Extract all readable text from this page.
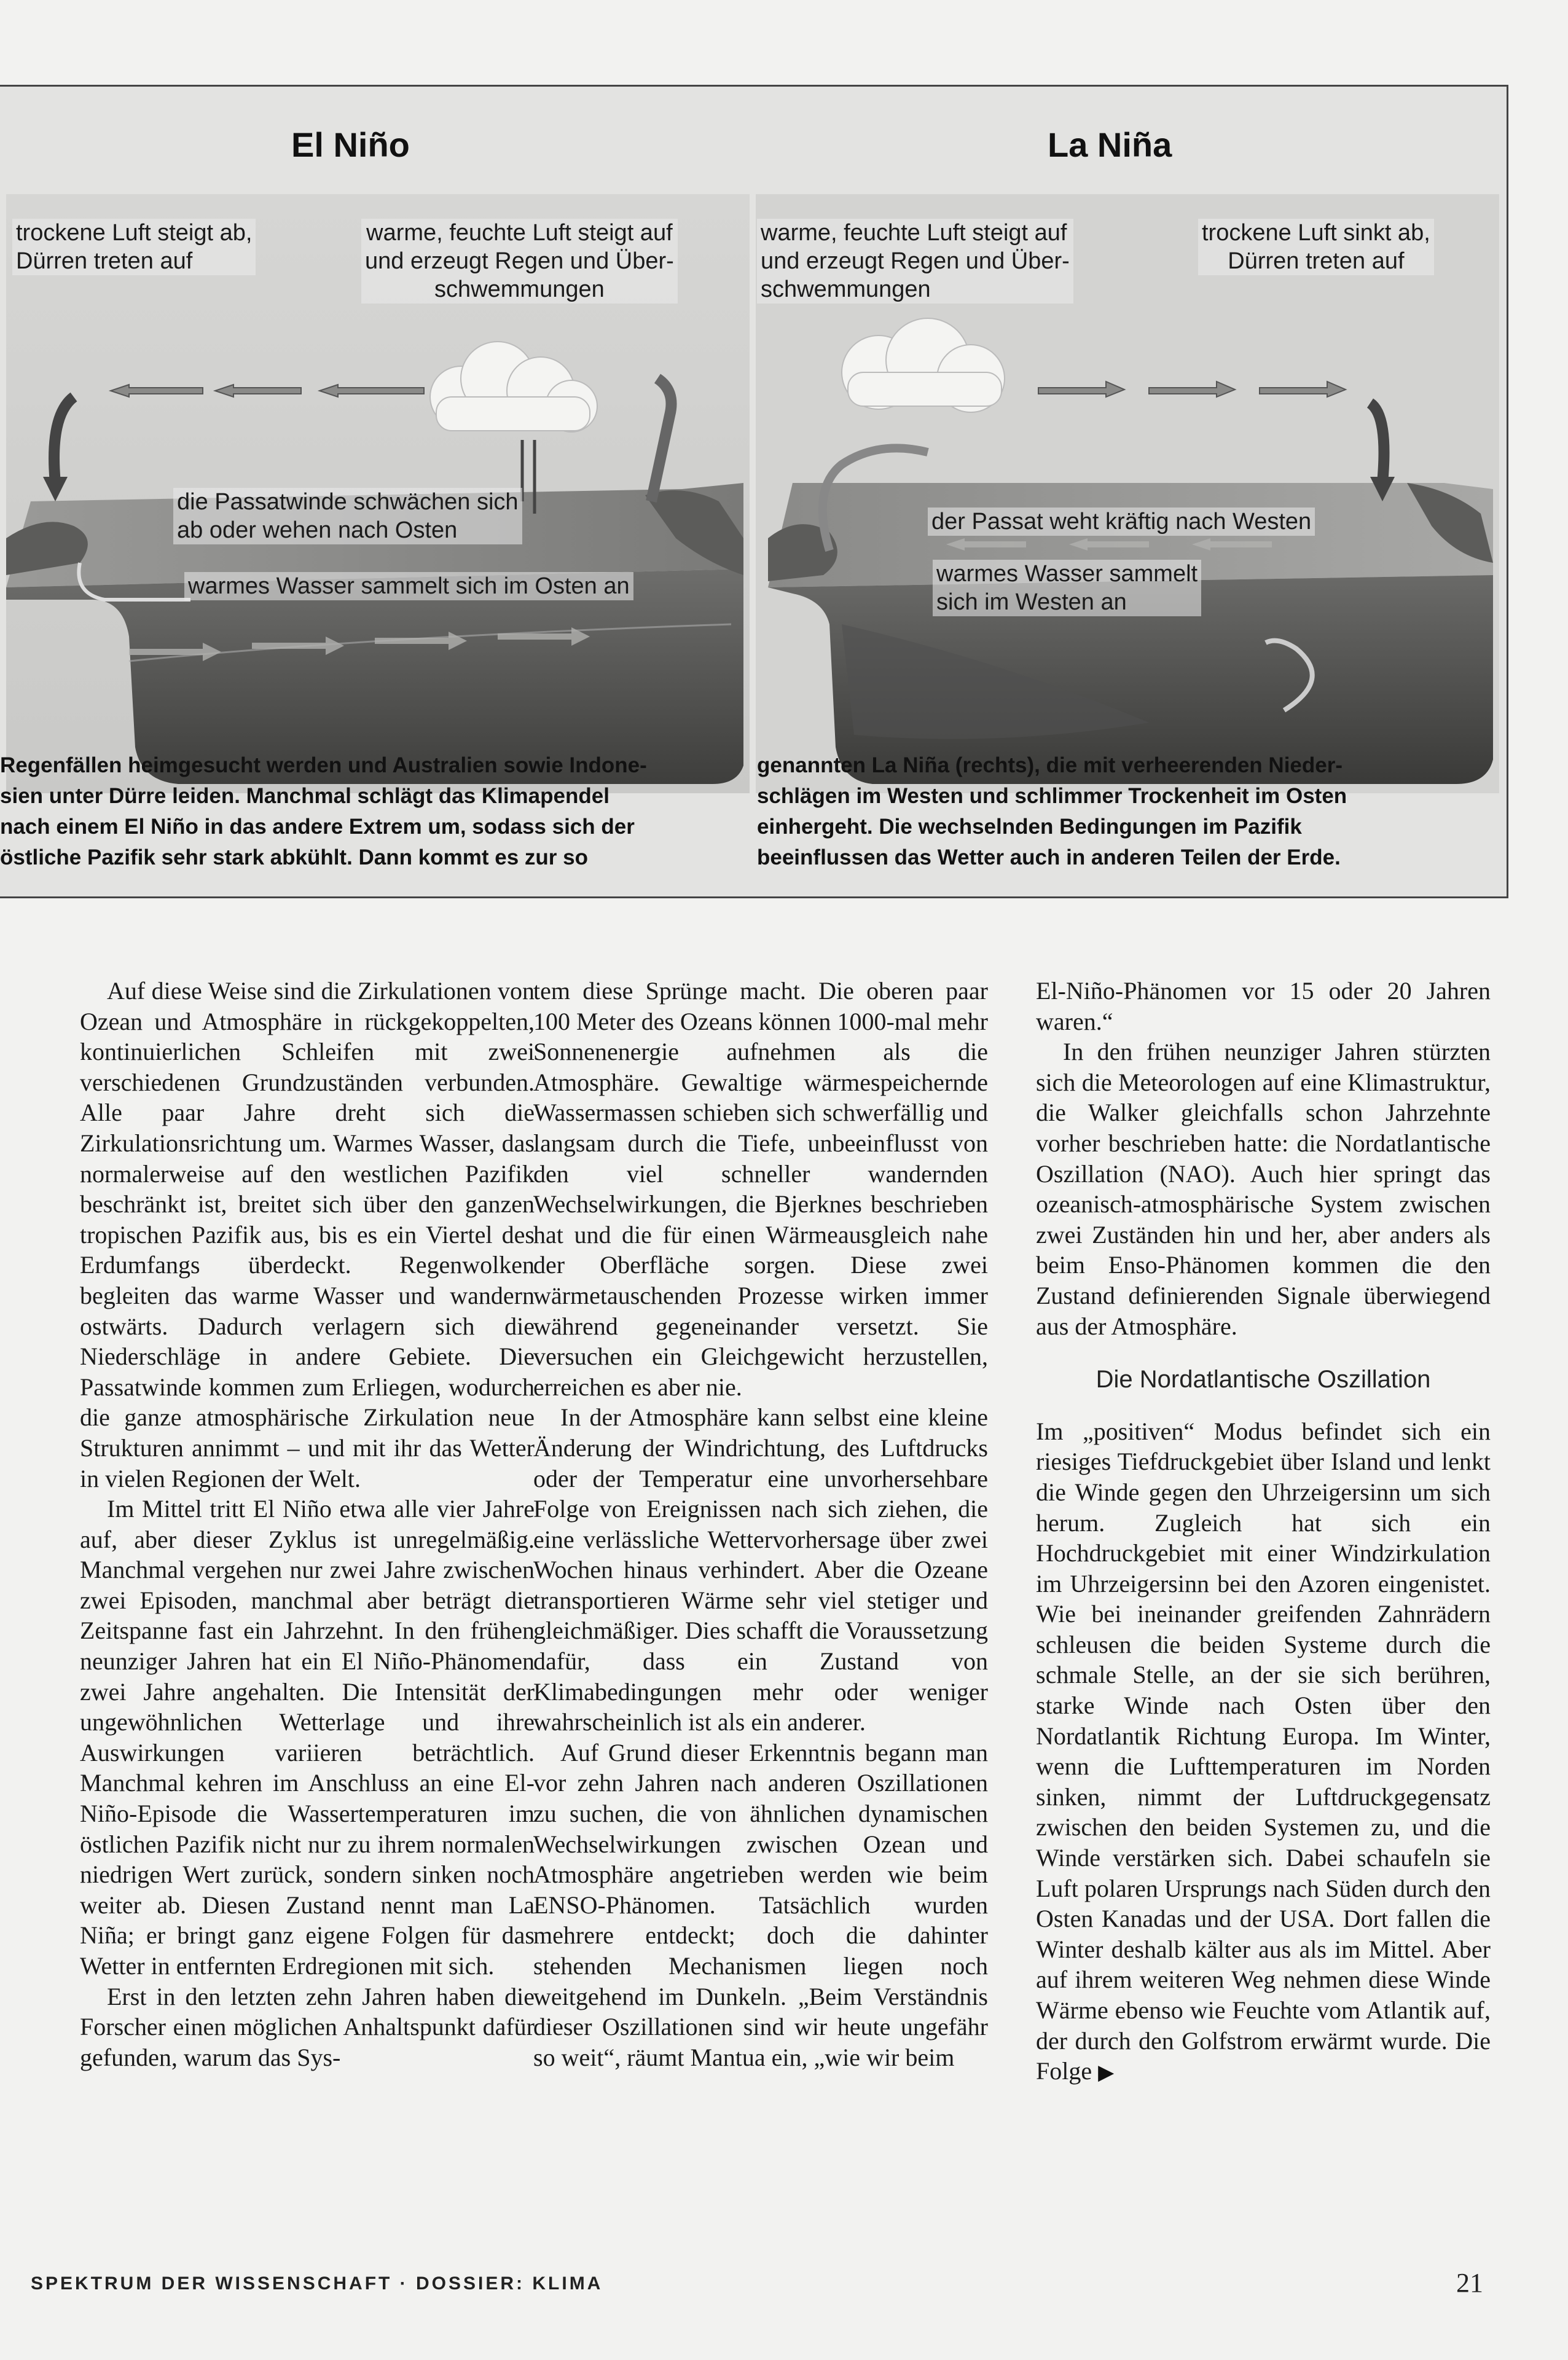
El Niño
trockene Luft steigt ab,
Dürren treten auf
warme, feuchte Luft steigt auf
und erzeugt Regen und Über-
schwemmungen
die Passatwinde schwächen sich
ab oder wehen nach Osten
warmes Wasser sammelt sich im Osten an
La Niña
warme, feuchte Luft steigt auf
und erzeugt Regen und Über-
schwemmungen
trockene Luft sinkt ab,
Dürren treten auf
der Passat weht kräftig nach Westen
warmes Wasser sammelt
sich im Westen an
Regenfällen heimgesucht werden und Australien sowie Indone-
sien unter Dürre leiden. Manchmal schlägt das Klimapendel
nach einem El Niño in das andere Extrem um, sodass sich der
östliche Pazifik sehr stark abkühlt. Dann kommt es zur so
genannten La Niña (rechts), die mit verheerenden Nieder-
schlägen im Westen und schlimmer Trockenheit im Osten
einhergeht. Die wechselnden Bedingungen im Pazifik
beeinflussen das Wetter auch in anderen Teilen der Erde.

Auf diese Weise sind die Zirkulationen von Ozean und Atmosphäre in rückgekoppelten, kontinuierlichen Schleifen mit zwei verschiedenen Grundzuständen verbunden. Alle paar Jahre dreht sich die Zirkulationsrichtung um. Warmes Wasser, das normalerweise auf den westlichen Pazifik beschränkt ist, breitet sich über den ganzen tropischen Pazifik aus, bis es ein Viertel des Erdumfangs überdeckt. Regenwolken begleiten das warme Wasser und wandern ostwärts. Dadurch verlagern sich die Niederschläge in andere Gebiete. Die Passatwinde kommen zum Erliegen, wodurch die ganze atmosphärische Zirkulation neue Strukturen annimmt – und mit ihr das Wetter in vielen Regionen der Welt.

Im Mittel tritt El Niño etwa alle vier Jahre auf, aber dieser Zyklus ist unregelmäßig. Manchmal vergehen nur zwei Jahre zwischen zwei Episoden, manchmal aber beträgt die Zeitspanne fast ein Jahrzehnt. In den frühen neunziger Jahren hat ein El Niño-Phänomen zwei Jahre angehalten. Die Intensität der ungewöhnlichen Wetterlage und ihre Auswirkungen variieren beträchtlich. Manchmal kehren im Anschluss an eine El-Niño-Episode die Wassertemperaturen im östlichen Pazifik nicht nur zu ihrem normalen niedrigen Wert zurück, sondern sinken noch weiter ab. Diesen Zustand nennt man La Niña; er bringt ganz eigene Folgen für das Wetter in entfernten Erdregionen mit sich.

Erst in den letzten zehn Jahren haben die Forscher einen möglichen Anhaltspunkt dafür gefunden, warum das Sys-

tem diese Sprünge macht. Die oberen paar 100 Meter des Ozeans können 1000-mal mehr Sonnenenergie aufnehmen als die Atmosphäre. Gewaltige wärmespeichernde Wassermassen schieben sich schwerfällig und langsam durch die Tiefe, unbeeinflusst von den viel schneller wandernden Wechselwirkungen, die Bjerknes beschrieben hat und die für einen Wärmeausgleich nahe der Oberfläche sorgen. Diese zwei wärmetauschenden Prozesse wirken immer während gegeneinander versetzt. Sie versuchen ein Gleichgewicht herzustellen, erreichen es aber nie.

In der Atmosphäre kann selbst eine kleine Änderung der Windrichtung, des Luftdrucks oder der Temperatur eine unvorhersehbare Folge von Ereignissen nach sich ziehen, die eine verlässliche Wettervorhersage über zwei Wochen hinaus verhindert. Aber die Ozeane transportieren Wärme sehr viel stetiger und gleichmäßiger. Dies schafft die Voraussetzung dafür, dass ein Zustand von Klimabedingungen mehr oder weniger wahrscheinlich ist als ein anderer.

Auf Grund dieser Erkenntnis begann man vor zehn Jahren nach anderen Oszillationen zu suchen, die von ähnlichen dynamischen Wechselwirkungen zwischen Ozean und Atmosphäre angetrieben werden wie beim ENSO-Phänomen. Tatsächlich wurden mehrere entdeckt; doch die dahinter stehenden Mechanismen liegen noch weitgehend im Dunkeln. „Beim Verständnis dieser Oszillationen sind wir heute ungefähr so weit“, räumt Mantua ein, „wie wir beim

El-Niño-Phänomen vor 15 oder 20 Jahren waren.“

In den frühen neunziger Jahren stürzten sich die Meteorologen auf eine Klimastruktur, die Walker gleichfalls schon Jahrzehnte vorher beschrieben hatte: die Nordatlantische Oszillation (NAO). Auch hier springt das ozeanisch-atmosphärische System zwischen zwei Zuständen hin und her, aber anders als beim Enso-Phänomen kommen die den Zustand definierenden Signale überwiegend aus der Atmosphäre.

Die Nordatlantische Oszillation

Im „positiven“ Modus befindet sich ein riesiges Tiefdruckgebiet über Island und lenkt die Winde gegen den Uhrzeigersinn um sich herum. Zugleich hat sich ein Hochdruckgebiet mit einer Windzirkulation im Uhrzeigersinn bei den Azoren eingenistet. Wie bei ineinander greifenden Zahnrädern schleusen die beiden Systeme durch die schmale Stelle, an der sie sich berühren, starke Winde nach Osten über den Nordatlantik Richtung Europa. Im Winter, wenn die Lufttemperaturen im Norden sinken, nimmt der Luftdruckgegensatz zwischen den beiden Systemen zu, und die Winde verstärken sich. Dabei schaufeln sie Luft polaren Ursprungs nach Süden durch den Osten Kanadas und der USA. Dort fallen die Winter deshalb kälter aus als im Mittel. Aber auf ihrem weiteren Weg nehmen diese Winde Wärme ebenso wie Feuchte vom Atlantik auf, der durch den Golfstrom erwärmt wurde. Die Folge ▶

SPEKTRUM DER WISSENSCHAFT · DOSSIER: KLIMA	21
